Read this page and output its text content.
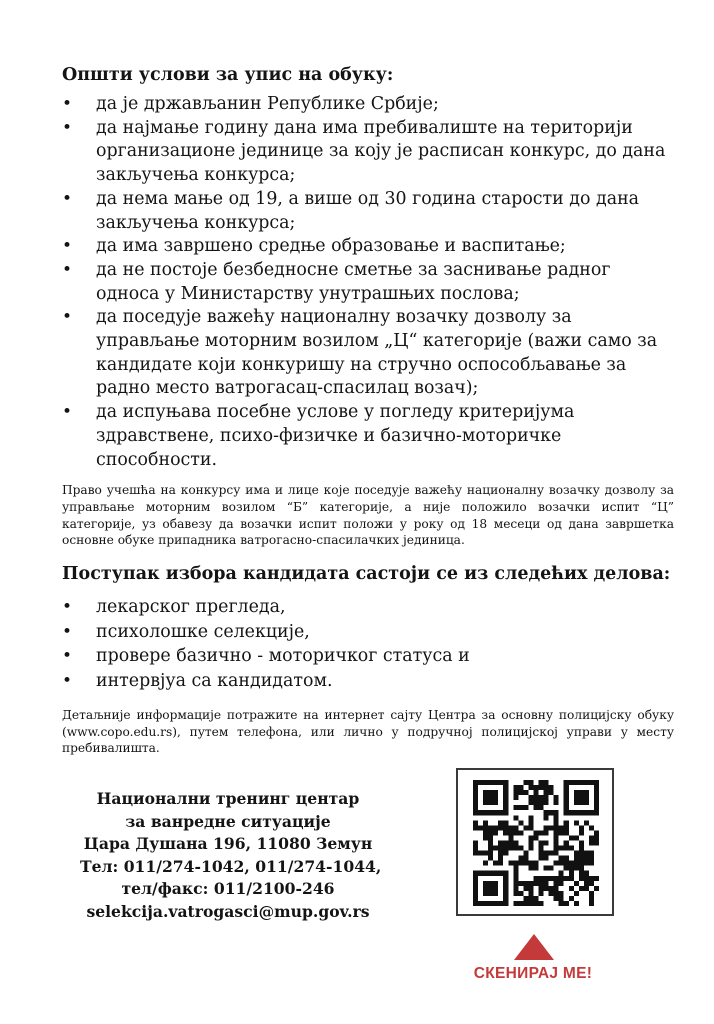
Општи услови за упис на обуку:
• да је држављанин Републике Србије;
• да најмање годину дана има пребивалиште на територији организационе јединице за коју је расписан конкурс, до дана закључења конкурса;
• да нема мање од 19, а више од 30 година старости до дана закључења конкурса;
• да има завршено средње образовање и васпитање;
• да не постоје безбедносне сметње за заснивање радног односа у Министарству унутрашњих послова;
• да поседује важећу националну возачку дозволу за управљање моторним возилом „Ц“ категорије (важи само за кандидате који конкуришу на стручно оспособљавање за радно место ватрогасац-спасилац возач);
• да испуњава посебне услове у погледу критеријума здравствене, психо-физичке и базично-моторичке способности.

Право учешћа на конкурсу има и лице које поседује важећу националну возачку дозволу за управљање моторним возилом “Б” категорије, а није положило возачки испит “Ц” категорије, уз обавезу да возачки испит положи у року од 18 месеци од дана завршетка основне обуке припадника ватрогасно-спасилачких јединица.

Поступак избора кандидата састоји се из следећих делова:
• лекарског прегледа,
• психолошке селекције,
• провере базично - моторичког статуса и
• интервјуа са кандидатом.

Детаљније информације потражите на интернет сајту Центра за основну полицијску обуку (www.copo.edu.rs), путем телефона, или лично у подручној полицијској управи у месту пребивалишта.

Национални тренинг центар
за ванредне ситуације
Цара Душана 196, 11080 Земун
Тел: 011/274-1042, 011/274-1044,
тел/факс: 011/2100-246
selekcija.vatrogasci@mup.gov.rs
СКЕНИРАЈ МЕ!
